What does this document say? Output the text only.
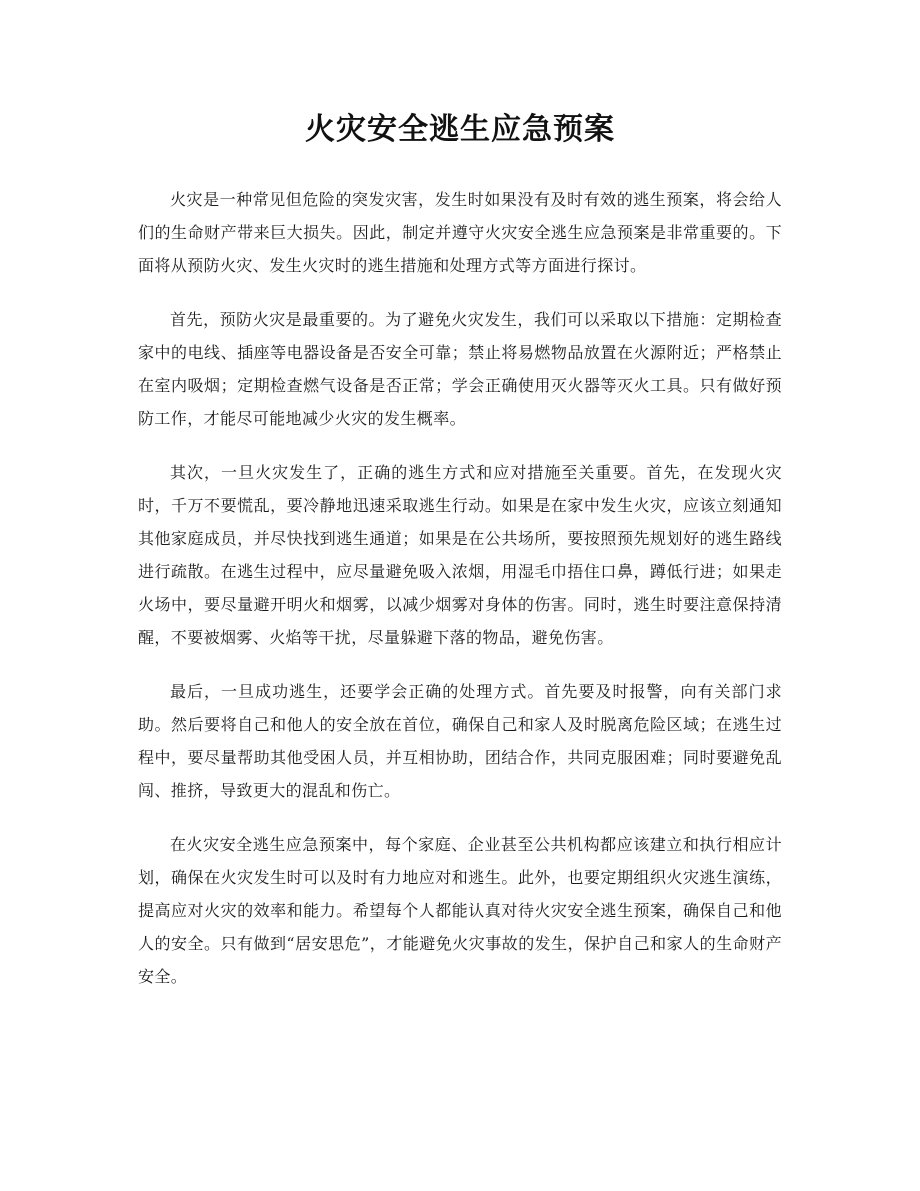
火灾安全逃生应急预案

火灾是一种常见但危险的突发灾害，发生时如果没有及时有效的逃生预案，将会给人们的生命财产带来巨大损失。因此，制定并遵守火灾安全逃生应急预案是非常重要的。下面将从预防火灾、发生火灾时的逃生措施和处理方式等方面进行探讨。

首先，预防火灾是最重要的。为了避免火灾发生，我们可以采取以下措施：定期检查家中的电线、插座等电器设备是否安全可靠；禁止将易燃物品放置在火源附近；严格禁止在室内吸烟；定期检查燃气设备是否正常；学会正确使用灭火器等灭火工具。只有做好预防工作，才能尽可能地减少火灾的发生概率。

其次，一旦火灾发生了，正确的逃生方式和应对措施至关重要。首先，在发现火灾时，千万不要慌乱，要冷静地迅速采取逃生行动。如果是在家中发生火灾，应该立刻通知其他家庭成员，并尽快找到逃生通道；如果是在公共场所，要按照预先规划好的逃生路线进行疏散。在逃生过程中，应尽量避免吸入浓烟，用湿毛巾捂住口鼻，蹲低行进；如果走火场中，要尽量避开明火和烟雾，以减少烟雾对身体的伤害。同时，逃生时要注意保持清醒，不要被烟雾、火焰等干扰，尽量躲避下落的物品，避免伤害。

最后，一旦成功逃生，还要学会正确的处理方式。首先要及时报警，向有关部门求助。然后要将自己和他人的安全放在首位，确保自己和家人及时脱离危险区域；在逃生过程中，要尽量帮助其他受困人员，并互相协助，团结合作，共同克服困难；同时要避免乱闯、推挤，导致更大的混乱和伤亡。

在火灾安全逃生应急预案中，每个家庭、企业甚至公共机构都应该建立和执行相应计划，确保在火灾发生时可以及时有力地应对和逃生。此外，也要定期组织火灾逃生演练，提高应对火灾的效率和能力。希望每个人都能认真对待火灾安全逃生预案，确保自己和他人的安全。只有做到“居安思危”，才能避免火灾事故的发生，保护自己和家人的生命财产安全。
